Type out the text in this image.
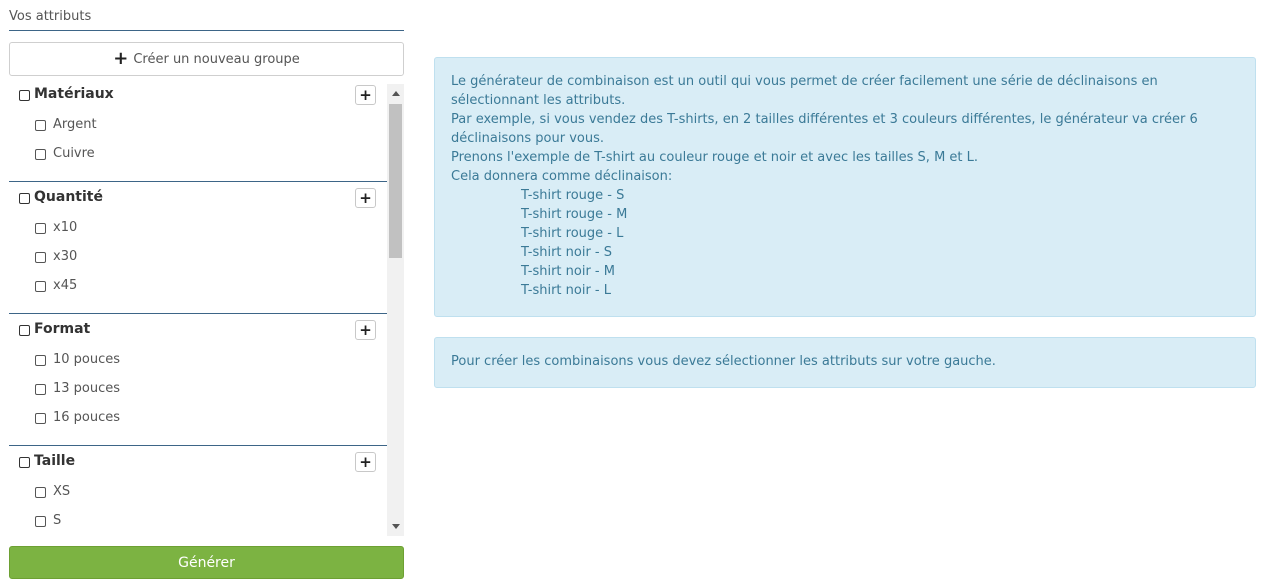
Vos attributs
+ Créer un nouveau groupe
Matériaux	+
Argent
Cuivre
Quantité	+
x10
x30
x45
Format	+
10 pouces
13 pouces
16 pouces
Taille	+
XS
S
Générer
Le générateur de combinaison est un outil qui vous permet de créer facilement une série de déclinaisons en
sélectionnant les attributs.
Par exemple, si vous vendez des T-shirts, en 2 tailles différentes et 3 couleurs différentes, le générateur va créer 6
déclinaisons pour vous.
Prenons l'exemple de T-shirt au couleur rouge et noir et avec les tailles S, M et L.
Cela donnera comme déclinaison:
T-shirt rouge - S
T-shirt rouge - M
T-shirt rouge - L
T-shirt noir - S
T-shirt noir - M
T-shirt noir - L
Pour créer les combinaisons vous devez sélectionner les attributs sur votre gauche.
